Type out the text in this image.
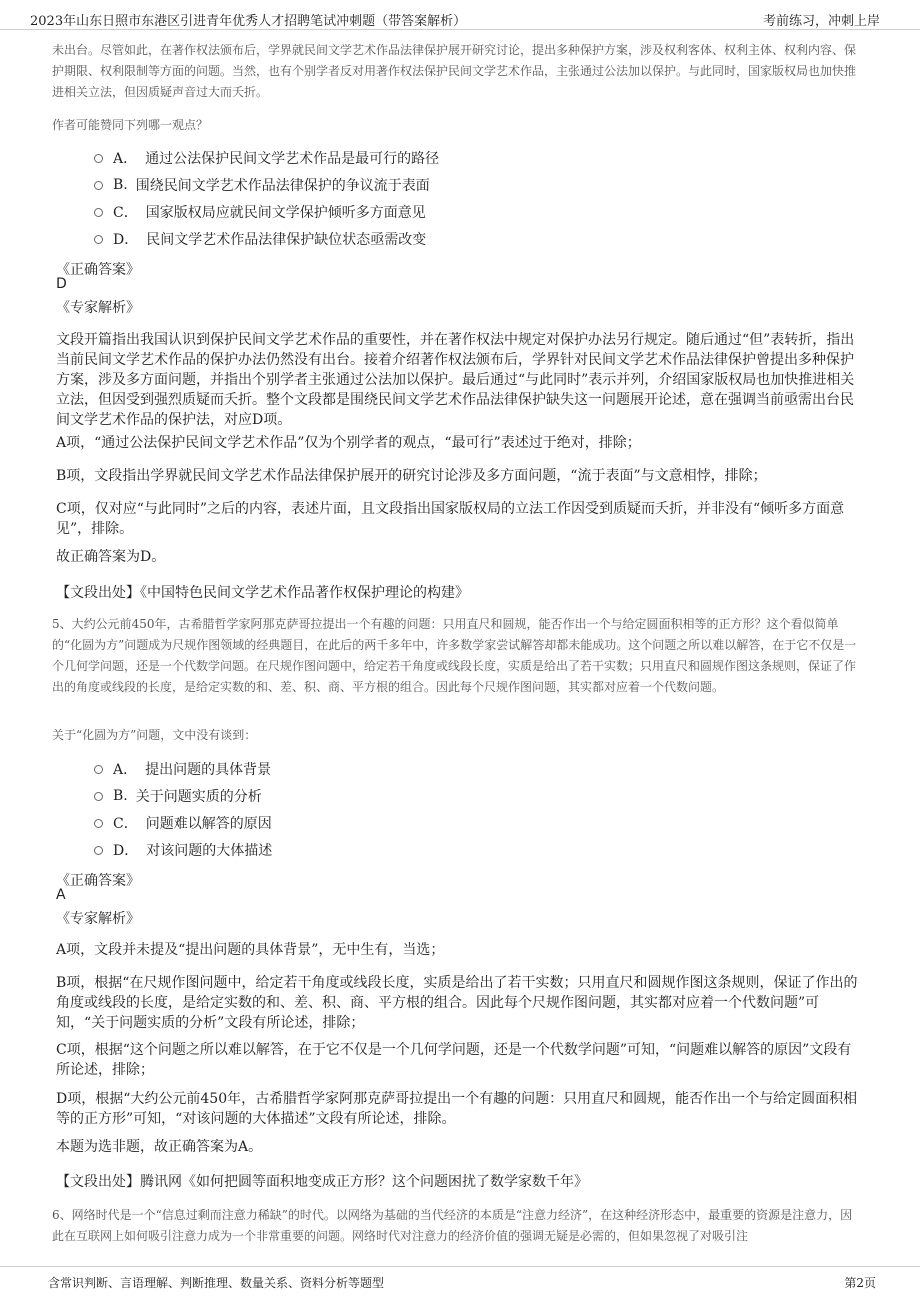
2023年山东日照市东港区引进青年优秀人才招聘笔试冲刺题（带答案解析）	考前练习，冲刺上岸

未出台。尽管如此，在著作权法颁布后，学界就民间文学艺术作品法律保护展开研究讨论，提出多种保护方案，涉及权利客体、权利主体、权利内容、保护期限、权利限制等方面的问题。当然，也有个别学者反对用著作权法保护民间文学艺术作品，主张通过公法加以保护。与此同时，国家版权局也加快推进相关立法，但因质疑声音过大而夭折。

作者可能赞同下列哪一观点？
A． 通过公法保护民间文学艺术作品是最可行的路径
B. 围绕民间文学艺术作品法律保护的争议流于表面
C． 国家版权局应就民间文学保护倾听多方面意见
D． 民间文学艺术作品法律保护缺位状态亟需改变
《正确答案》
D
《专家解析》

文段开篇指出我国认识到保护民间文学艺术作品的重要性，并在著作权法中规定对保护办法另行规定。随后通过“但”表转折，指出当前民间文学艺术作品的保护办法仍然没有出台。接着介绍著作权法颁布后，学界针对民间文学艺术作品法律保护曾提出多种保护方案，涉及多方面问题，并指出个别学者主张通过公法加以保护。最后通过“与此同时”表示并列，介绍国家版权局也加快推进相关立法，但因受到强烈质疑而夭折。整个文段都是围绕民间文学艺术作品法律保护缺失这一问题展开论述，意在强调当前亟需出台民间文学艺术作品的保护法，对应D项。

A项，“通过公法保护民间文学艺术作品”仅为个别学者的观点，“最可行”表述过于绝对，排除；

B项，文段指出学界就民间文学艺术作品法律保护展开的研究讨论涉及多方面问题，“流于表面”与文意相悖，排除；

C项，仅对应“与此同时”之后的内容，表述片面，且文段指出国家版权局的立法工作因受到质疑而夭折，并非没有“倾听多方面意见”，排除。

故正确答案为D。

【文段出处】《中国特色民间文学艺术作品著作权保护理论的构建》

5、大约公元前450年，古希腊哲学家阿那克萨哥拉提出一个有趣的问题：只用直尺和圆规，能否作出一个与给定圆面积相等的正方形？这个看似简单的“化圆为方”问题成为尺规作图领域的经典题目，在此后的两千多年中，许多数学家尝试解答却都未能成功。这个问题之所以难以解答，在于它不仅是一个几何学问题，还是一个代数学问题。在尺规作图问题中，给定若干角度或线段长度，实质是给出了若干实数；只用直尺和圆规作图这条规则，保证了作出的角度或线段的长度，是给定实数的和、差、积、商、平方根的组合。因此每个尺规作图问题，其实都对应着一个代数问题。

关于“化圆为方”问题，文中没有谈到：
A． 提出问题的具体背景
B. 关于问题实质的分析
C． 问题难以解答的原因
D． 对该问题的大体描述
《正确答案》
A
《专家解析》

A项，文段并未提及“提出问题的具体背景”，无中生有，当选；

B项，根据“在尺规作图问题中，给定若干角度或线段长度，实质是给出了若干实数；只用直尺和圆规作图这条规则，保证了作出的角度或线段的长度，是给定实数的和、差、积、商、平方根的组合。因此每个尺规作图问题，其实都对应着一个代数问题”可知，“关于问题实质的分析”文段有所论述，排除；

C项，根据“这个问题之所以难以解答，在于它不仅是一个几何学问题，还是一个代数学问题”可知，“问题难以解答的原因”文段有所论述，排除；

D项，根据“大约公元前450年，古希腊哲学家阿那克萨哥拉提出一个有趣的问题：只用直尺和圆规，能否作出一个与给定圆面积相等的正方形”可知，“对该问题的大体描述”文段有所论述，排除。

本题为选非题，故正确答案为A。

【文段出处】腾讯网《如何把圆等面积地变成正方形？这个问题困扰了数学家数千年》

6、网络时代是一个“信息过剩而注意力稀缺”的时代。以网络为基础的当代经济的本质是“注意力经济”，在这种经济形态中，最重要的资源是注意力，因此在互联网上如何吸引注意力成为一个非常重要的问题。网络时代对注意力的经济价值的强调无疑是必需的，但如果忽视了对吸引注

含常识判断、言语理解、判断推理、数量关系、资料分析等题型	第2页
